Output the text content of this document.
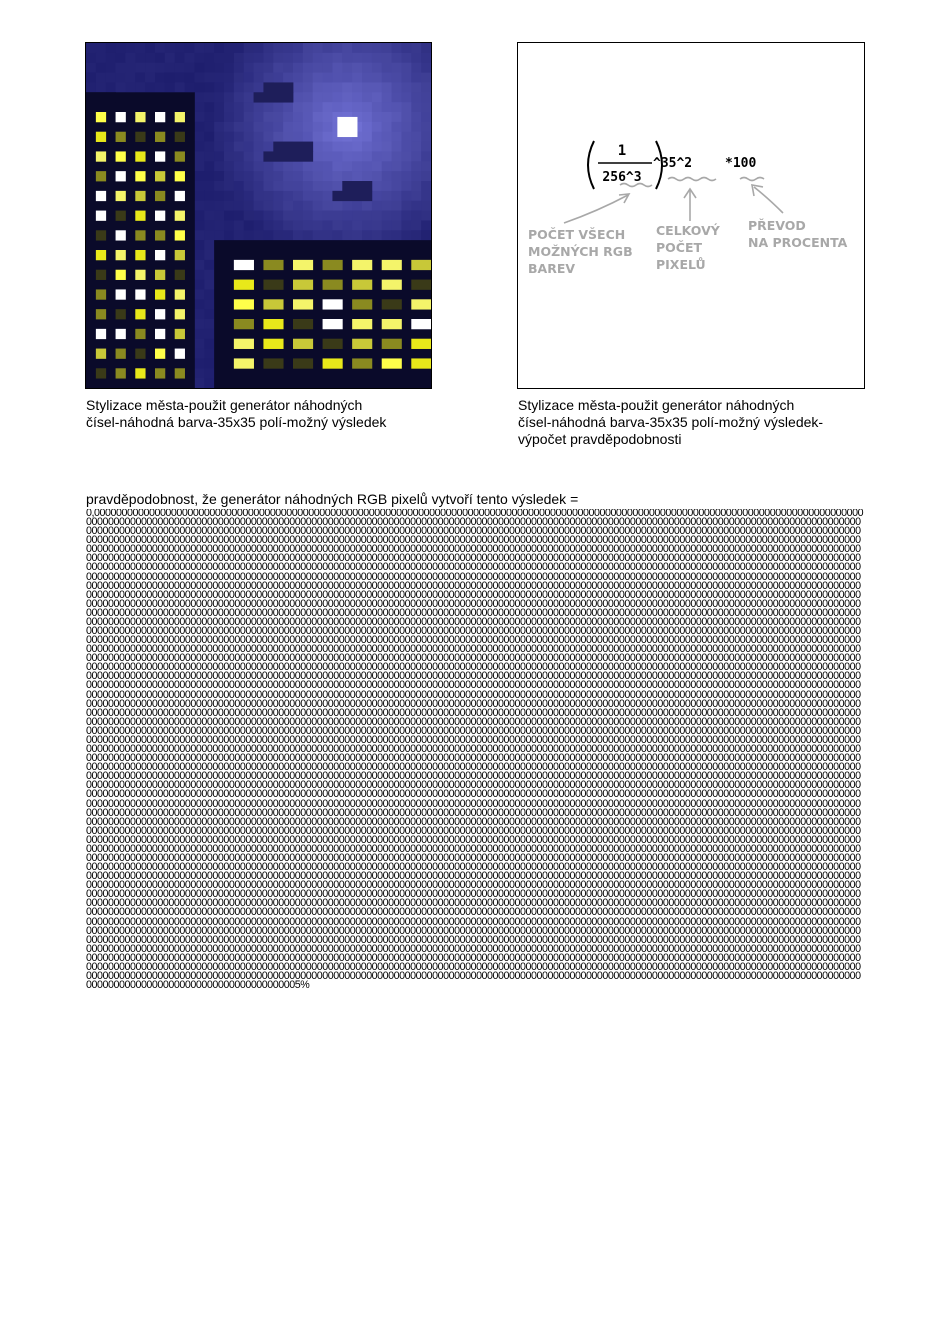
Stylizace města-použit generátor náhodných
čísel-náhodná barva-35x35 polí-možný výsledek
1
256^3
^35^2	*100
POČET VŠECH
MOŽNÝCH RGB
BAREV
CELKOVÝ
POČET
PIXELŮ
PŘEVOD
NA PROCENTA
Stylizace města-použit generátor náhodných
čísel-náhodná barva-35x35 polí-možný výsledek-
výpočet pravděpodobnosti
pravděpodobnost, že generátor náhodných RGB pixelů vytvoří tento výsledek =
0,00000000000000000000000000000000000000000000000000000000000000000000000000000000000000000000000000000000000000000000000000000000000000000000000000000000000000000000000000000000000000000000000000000000000000000000000000000000000000000000000000000000000000000000000000000000000000000000000000000000000000000000000000000000000000000000000000000000000000000000000000000000000000000000000000000000000000000000000000000000000000000000000000000000000000000000000000000000000000000000000000000000000000000000000000000000000000000000000000000000000000000000000000000000000000000000000000000000000000000000000000000000000000000000000000000000000000000000000000000000000000000000000000000000000000000000000000000000000000000000000000000000000000000000000000000000000000000000000000000000000000000000000000000000000000000000000000000000000000000000000000000000000000000000000000000000000000000000000000000000000000000000000000000000000000000000000000000000000000000000000000000000000000000000000000000000000000000000000000000000000000000000000000000000000000000000000000000000000000000000000000000000000000000000000000000000000000000000000000000000000000000000000000000000000000000000000000000000000000000000000000000000000000000000000000000000000000000000000000000000000000000000000000000000000000000000000000000000000000000000000000000000000000000000000000000000000000000000000000000000000000000000000000000000000000000000000000000000000000000000000000000000000000000000000000000000000000000000000000000000000000000000000000000000000000000000000000000000000000000000000000000000000000000000000000000000000000000000000000000000000000000000000000000000000000000000000000000000000000000000000000000000000000000000000000000000000000000000000000000000000000000000000000000000000000000000000000000000000000000000000000000000000000000000000000000000000000000000000000000000000000000000000000000000000000000000000000000000000000000000000000000000000000000000000000000000000000000000000000000000000000000000000000000000000000000000000000000000000000000000000000000000000000000000000000000000000000000000000000000000000000000000000000000000000000000000000000000000000000000000000000000000000000000000000000000000000000000000000000000000000000000000000000000000000000000000000000000000000000000000000000000000000000000000000000000000000000000000000000000000000000000000000000000000000000000000000000000000000000000000000000000000000000000000000000000000000000000000000000000000000000000000000000000000000000000000000000000000000000000000000000000000000000000000000000000000000000000000000000000000000000000000000000000000000000000000000000000000000000000000000000000000000000000000000000000000000000000000000000000000000000000000000000000000000000000000000000000000000000000000000000000000000000000000000000000000000000000000000000000000000000000000000000000000000000000000000000000000000000000000000000000000000000000000000000000000000000000000000000000000000000000000000000000000000000000000000000000000000000000000000000000000000000000000000000000000000000000000000000000000000000000000000000000000000000000000000000000000000000000000000000000000000000000000000000000000000000000000000000000000000000000000000000000000000000000000000000000000000000000000000000000000000000000000000000000000000000000000000000000000000000000000000000000000000000000000000000000000000000000000000000000000000000000000000000000000000000000000000000000000000000000000000000000000000000000000000000000000000000000000000000000000000000000000000000000000000000000000000000000000000000000000000000000000000000000000000000000000000000000000000000000000000000000000000000000000000000000000000000000000000000000000000000000000000000000000000000000000000000000000000000000000000000000000000000000000000000000000000000000000000000000000000000000000000000000000000000000000000000000000000000000000000000000000000000000000000000000000000000000000000000000000000000000000000000000000000000000000000000000000000000000000000000000000000000000000000000000000000000000000000000000000000000000000000000000000000000000000000000000000000000000000000000000000000000000000000000000000000000000000000000000000000000000000000000000000000000000000000000000000000000000000000000000000000000000000000000000000000000000000000000000000000000000000000000000000000000000000000000000000000000000000000000000000000000000000000000000000000000000000000000000000000000000000000000000000000000000000000000000000000000000000000000000000000000000000000000000000000000000000000000000000000000000000000000000000000000000000000000000000000000000000000000000000000000000000000000000000000000000000000000000000000000000000000000000000000000000000000000000000000000000000000000000000000000000000000000000000000000000000000000000000000000000000000000000000000000000000000000000000000000000000000000000000000000000000000000000000000000000000000000000000000000000000000000000000000000000000000000000000000000000000000000000000000000000000000000000000000000000000000000000000000000000000000000000000000000000000000000000000000000000000000000000000000000000000000000000000000000000000000000000000000000000000000000000000000000000000000000000000000000000000000000000000000000000000000000000000000000000000000000000000000000000000000000000000000000000000000000000000000000000000000000000000000000000000000000000000000000000000000000000000000000000000000000000000000000000000000000000000000000000000000000000000000000000000000000000000000000000000000000000000000000000000000000000000000000000000000000000000000000000000000000000000000000000000000000000000000000000000000000000000000000000000000000000000000000000000000000000000000000000000000000000000000000000000000000000000000000000000000000000000000000000000000000000000000000000000000000000000000000000000000000000000000000000000000000000000000000000000000000000000000000000000000000000000000000000000000000000000000000000000000000000000000000000000000000000000000000000000000000000000000000000000000000000000000000000000000000000000000000000000000000000000000000000000000000000000000000000000000000000000000000000000000000000000000000000000000000000000000000000000000000000000000000000000000000000000000000000000000000000000000000000000000000000000000000000000000000000000000000000000000000000000000000000000000000000000000000000000000000000000000000000000000000000000000000000000000000000000000000000000000000000000000000000000000000000000000000000000000000000000000000000000000000000000000000000000000000000000000000000000000000000000000000000000000000000000000000000000000000000000000000000000000000000000000000000000000000000000000000000000000000000000000000000000000000000000000000000000000000000000000000000000000000000000000000000000000000000000000000000000000000000000000000000000000000000000000000000000000000000000000000000000000000000000000000000000000000000000000000000000000000000000000000000000000000000000000000000000000000000000000000000000000000000000000000000000000000000000000000000000000000000000000000000000000000000000000000000000000000000000000000000000000000000000000000000000000000000000000000000000000000000000000000000000000000000000000000000000000000000000000000000000000000000000000000000000000000000000000000000000000000000000000000000000000000000000000000000000000000000000000000000000000000000000000000000000000000000000000000000000000000000000000000000000000000000000000005%
